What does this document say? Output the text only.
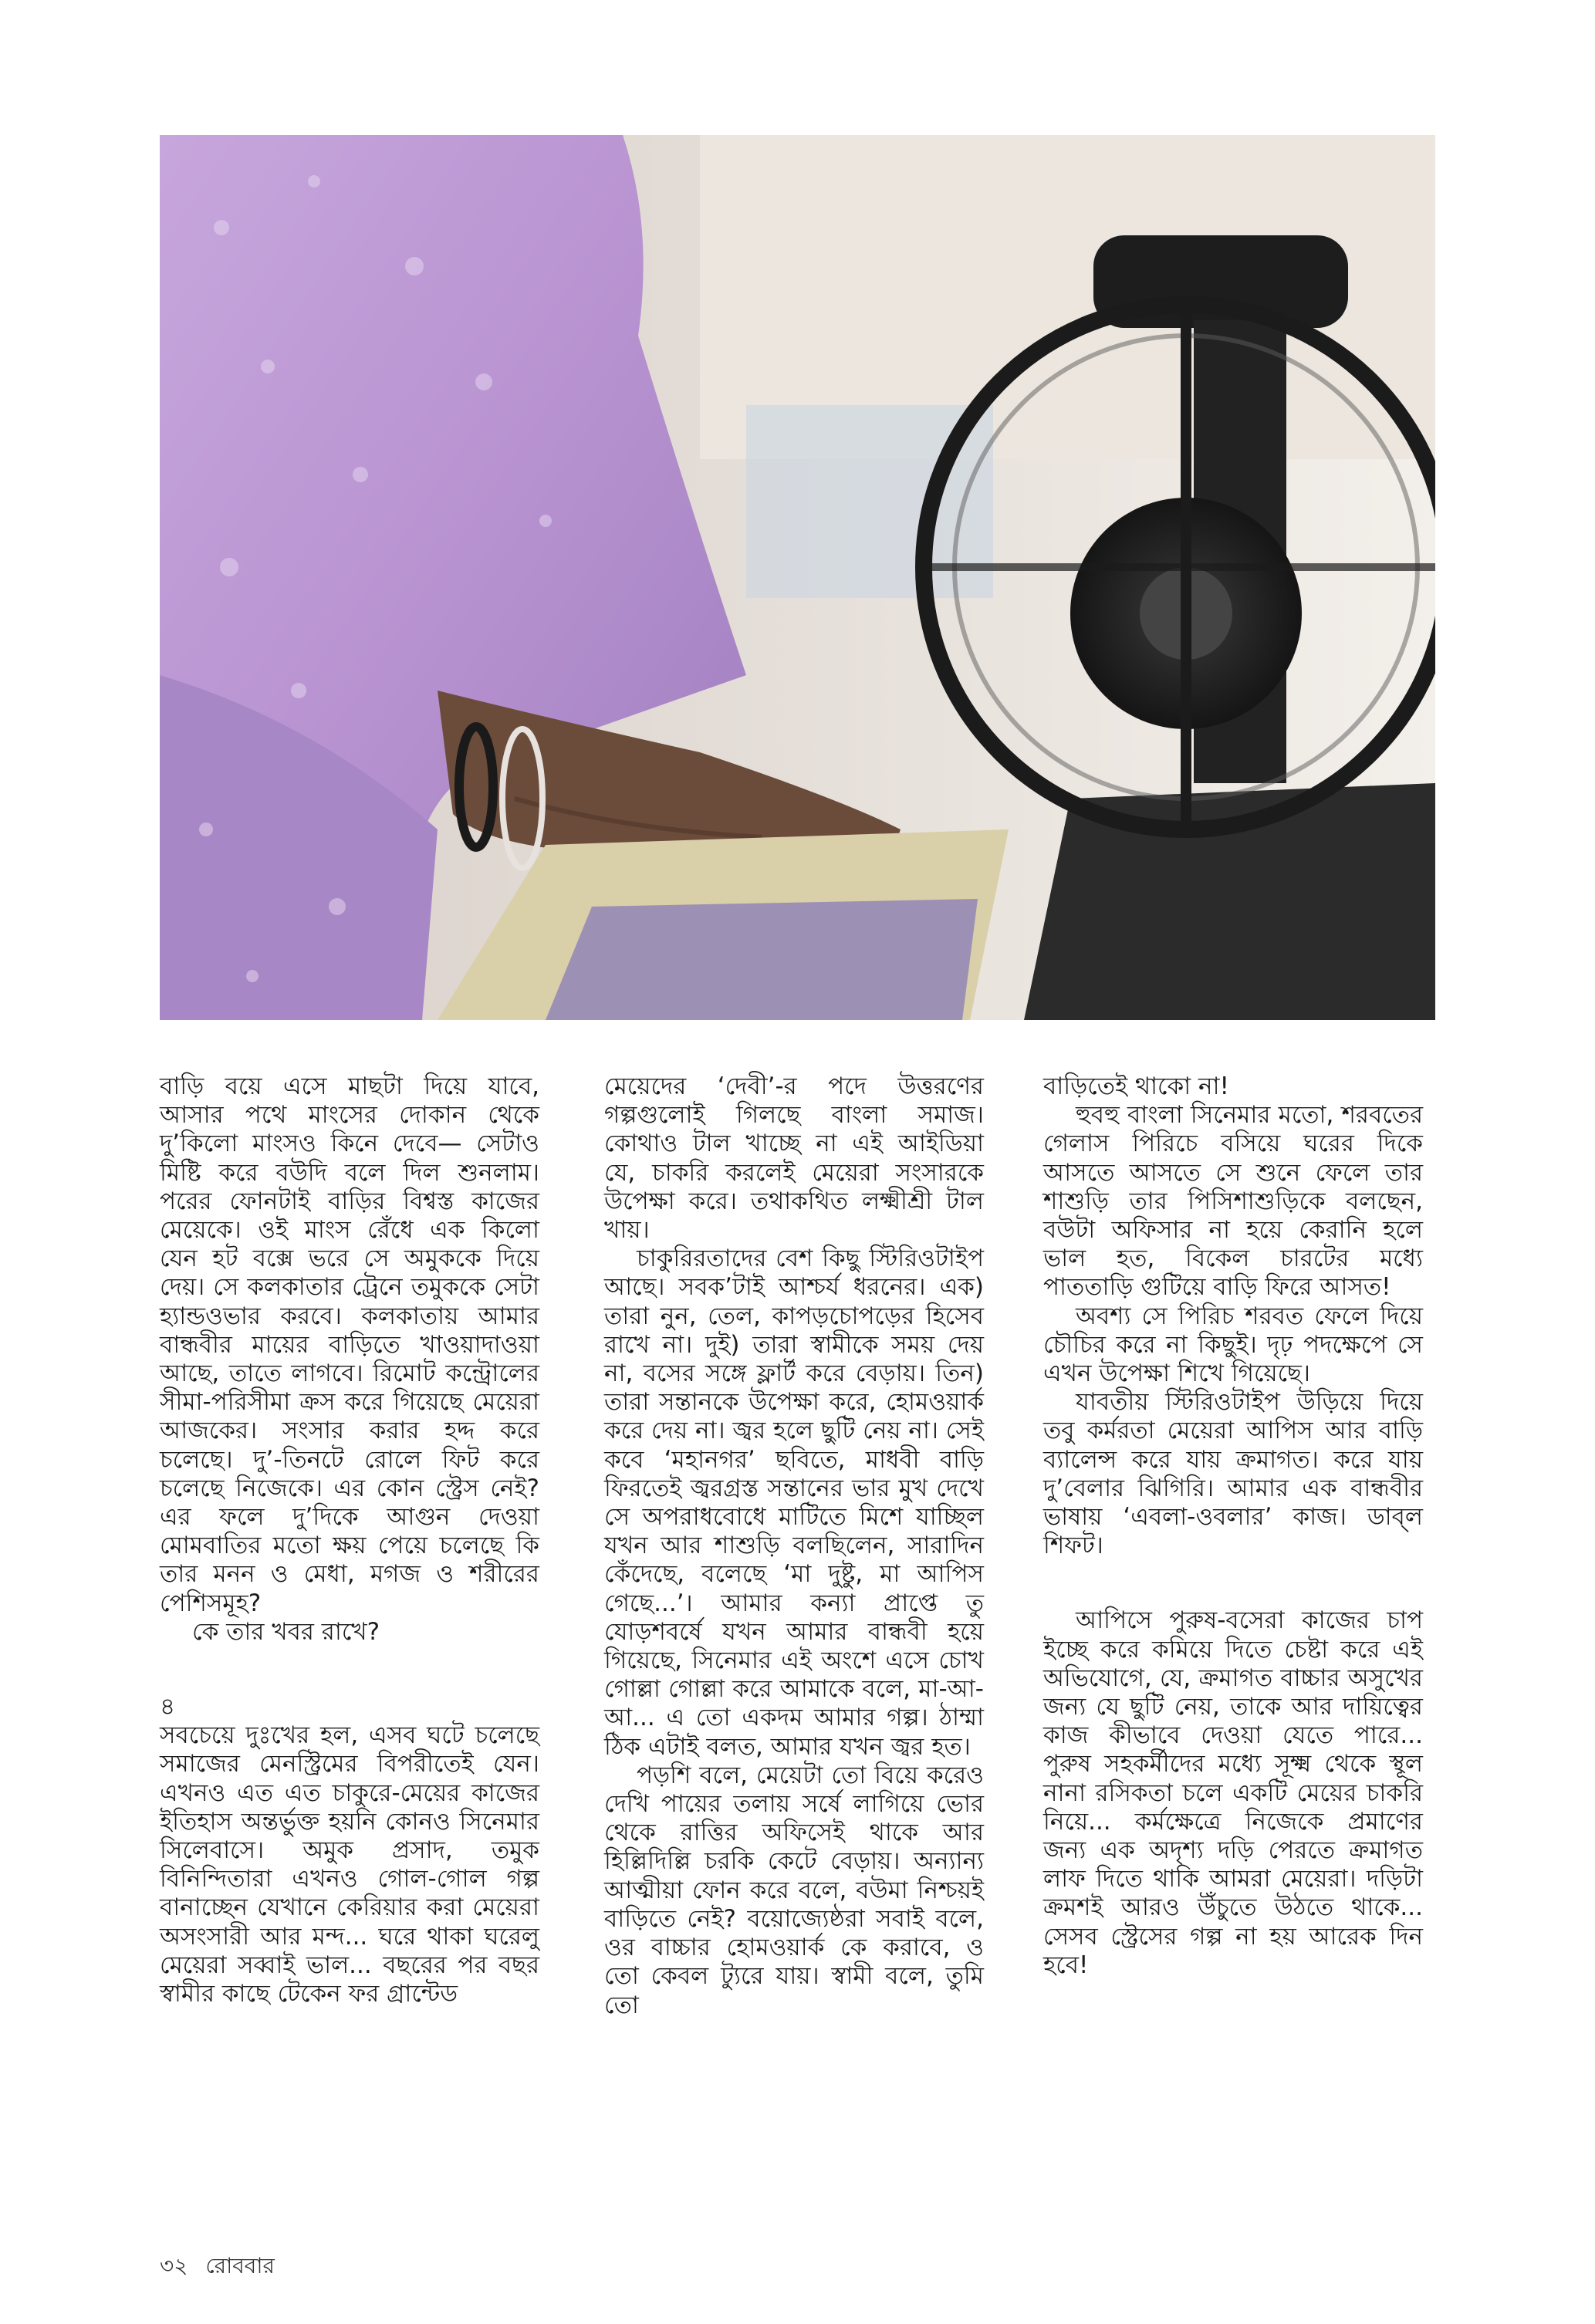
বাড়ি বয়ে এসে মাছটা দিয়ে যাবে, আসার পথে মাংসের দোকান থেকে দু’কিলো মাংসও কিনে দেবে— সেটাও মিষ্টি করে বউদি বলে দিল শুনলাম। পরের ফোনটাই বাড়ির বিশ্বস্ত কাজের মেয়েকে। ওই মাংস রেঁধে এক কিলো যেন হট বক্সে ভরে সে অমুককে দিয়ে দেয়। সে কলকাতার ট্রেনে তমুককে সেটা হ্যান্ডওভার করবে। কলকাতায় আমার বান্ধবীর মায়ের বাড়িতে খাওয়াদাওয়া আছে, তাতে লাগবে। রিমোট কন্ট্রোলের সীমা-পরিসীমা ক্রস করে গিয়েছে মেয়েরা আজকের। সংসার করার হদ্দ করে চলেছে। দু’-তিনটে রোলে ফিট করে চলেছে নিজেকে। এর কোন স্ট্রেস নেই? এর ফলে দু’দিকে আগুন দেওয়া মোমবাতির মতো ক্ষয় পেয়ে চলেছে কি তার মনন ও মেধা, মগজ ও শরীরের পেশিসমূহ?

কে তার খবর রাখে?

৪

সবচেয়ে দুঃখের হল, এসব ঘটে চলেছে সমাজের মেনস্ট্রিমের বিপরীতেই যেন। এখনও এত এত চাকুরে-মেয়ের কাজের ইতিহাস অন্তর্ভুক্ত হয়নি কোনও সিনেমার সিলেবাসে। অমুক প্রসাদ, তমুক বিনিন্দিতারা এখনও গোল-গোল গল্প বানাচ্ছেন যেখানে কেরিয়ার করা মেয়েরা অসংসারী আর মন্দ... ঘরে থাকা ঘরেলু মেয়েরা সব্বাই ভাল... বছরের পর বছর স্বামীর কাছে টেকেন ফর গ্রান্টেড

মেয়েদের ‘দেবী’-র পদে উত্তরণের গল্পগুলোই গিলছে বাংলা সমাজ। কোথাও টাল খাচ্ছে না এই আইডিয়া যে, চাকরি করলেই মেয়েরা সংসারকে উপেক্ষা করে। তথাকথিত লক্ষ্মীশ্রী টাল খায়।

চাকুরিরতাদের বেশ কিছু স্টিরিওটাইপ আছে। সবক’টাই আশ্চর্য ধরনের। এক) তারা নুন, তেল, কাপড়চোপড়ের হিসেব রাখে না। দুই) তারা স্বামীকে সময় দেয় না, বসের সঙ্গে ফ্লার্ট করে বেড়ায়। তিন) তারা সন্তানকে উপেক্ষা করে, হোমওয়ার্ক করে দেয় না। জ্বর হলে ছুটি নেয় না। সেই কবে ‘মহানগর’ ছবিতে, মাধবী বাড়ি ফিরতেই জ্বরগ্রস্ত সন্তানের ভার মুখ দেখে সে অপরাধবোধে মাটিতে মিশে যাচ্ছিল যখন আর শাশুড়ি বলছিলেন, সারাদিন কেঁদেছে, বলেছে ‘মা দুষ্টু, মা আপিস গেছে...’। আমার কন্যা প্রাপ্তে তু যোড়শবর্ষে যখন আমার বান্ধবী হয়ে গিয়েছে, সিনেমার এই অংশে এসে চোখ গোল্লা গোল্লা করে আমাকে বলে, মা-আ-আ... এ তো একদম আমার গল্প। ঠাম্মা ঠিক এটাই বলত, আমার যখন জ্বর হত।

পড়শি বলে, মেয়েটা তো বিয়ে করেও দেখি পায়ের তলায় সর্ষে লাগিয়ে ভোর থেকে রাত্তির অফিসেই থাকে আর হিল্লিদিল্লি চরকি কেটে বেড়ায়। অন্যান্য আত্মীয়া ফোন করে বলে, বউমা নিশ্চয়ই বাড়িতে নেই? বয়োজ্যেষ্ঠরা সবাই বলে, ওর বাচ্চার হোমওয়ার্ক কে করাবে, ও তো কেবল ট্যুরে যায়। স্বামী বলে, তুমি তো

বাড়িতেই থাকো না!

হুবহু বাংলা সিনেমার মতো, শরবতের গেলাস পিরিচে বসিয়ে ঘরের দিকে আসতে আসতে সে শুনে ফেলে তার শাশুড়ি তার পিসিশাশুড়িকে বলছেন, বউটা অফিসার না হয়ে কেরানি হলে ভাল হত, বিকেল চারটের মধ্যে পাততাড়ি গুটিয়ে বাড়ি ফিরে আসত!

অবশ্য সে পিরিচ শরবত ফেলে দিয়ে চৌচির করে না কিছুই। দৃঢ় পদক্ষেপে সে এখন উপেক্ষা শিখে গিয়েছে।

যাবতীয় স্টিরিওটাইপ উড়িয়ে দিয়ে তবু কর্মরতা মেয়েরা আপিস আর বাড়ি ব্যালেন্স করে যায় ক্রমাগত। করে যায় দু’বেলার ঝিগিরি। আমার এক বান্ধবীর ভাষায় ‘এবলা-ওবলার’ কাজ। ডাব্‌ল শিফট।

আপিসে পুরুষ-বসেরা কাজের চাপ ইচ্ছে করে কমিয়ে দিতে চেষ্টা করে এই অভিযোগে, যে, ক্রমাগত বাচ্চার অসুখের জন্য যে ছুটি নেয়, তাকে আর দায়িত্বের কাজ কীভাবে দেওয়া যেতে পারে... পুরুষ সহকর্মীদের মধ্যে সূক্ষ্ম থেকে স্থূল নানা রসিকতা চলে একটি মেয়ের চাকরি নিয়ে... কর্মক্ষেত্রে নিজেকে প্রমাণের জন্য এক অদৃশ্য দড়ি পেরতে ক্রমাগত লাফ দিতে থাকি আমরা মেয়েরা। দড়িটা ক্রমশই আরও উঁচুতে উঠতে থাকে... সেসব স্ট্রেসের গল্প না হয় আরেক দিন হবে!

৩২ রোববার
